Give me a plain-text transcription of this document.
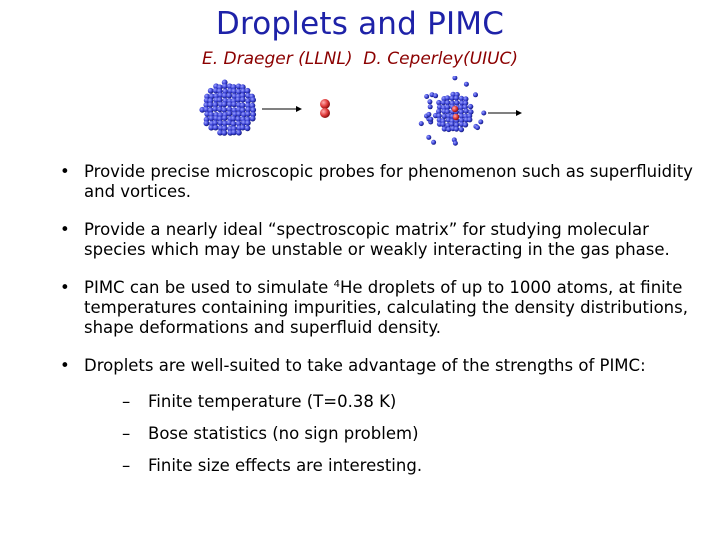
Droplets and PIMC
E. Draeger (LLNL)  D. Ceperley(UIUC)
• Provide precise microscopic probes for phenomenon such as superfluidity and vortices.
• Provide a nearly ideal “spectroscopic matrix” for studying molecular species which may be unstable or weakly interacting in the gas phase.
• PIMC can be used to simulate $^4$He droplets of up to 1000 atoms, at finite temperatures containing impurities, calculating the density distributions, shape deformations and superfluid density.
• Droplets are well-suited to take advantage of the strengths of PIMC:
– Finite temperature (T=0.38 K)
– Bose statistics (no sign problem)
– Finite size effects are interesting.
